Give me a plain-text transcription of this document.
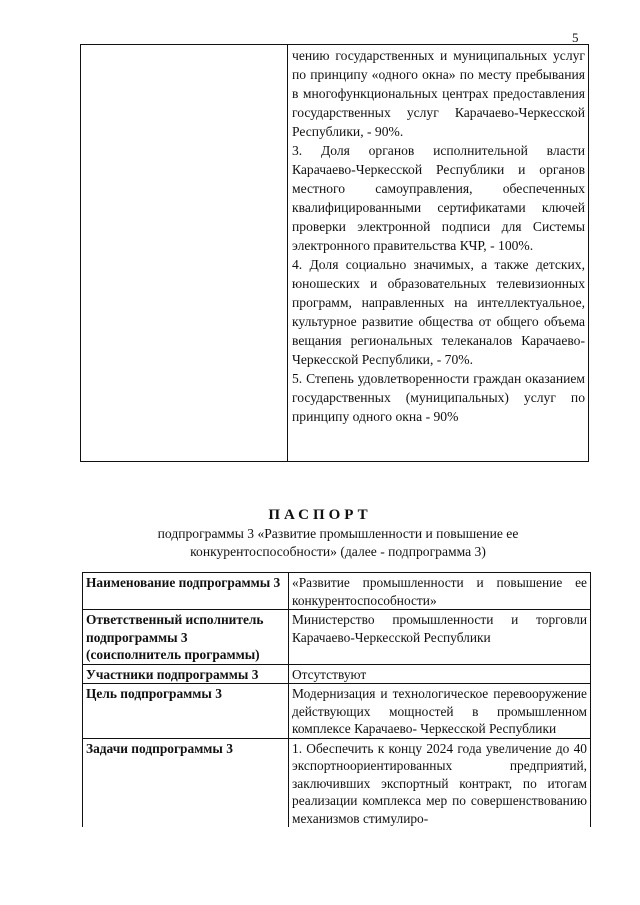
5

чению государственных и муниципальных услуг по принципу «одного окна» по месту пребывания в многофункциональных центрах предоставления государственных услуг Карачаево-Черкесской Республики, - 90%.

3. Доля органов исполнительной власти Карачаево-Черкесской Республики и органов местного самоуправления, обеспеченных квалифицированными сертификатами ключей проверки электронной подписи для Системы электронного правительства КЧР, - 100%.

4. Доля социально значимых, а также детских, юношеских и образовательных телевизионных программ, направленных на интеллектуальное, культурное развитие общества от общего объема вещания региональных телеканалов Карачаево-Черкесской Республики, - 70%.

5. Степень удовлетворенности граждан оказанием государственных (муниципальных) услуг по принципу одного окна - 90%

ПАСПОРТ
подпрограммы 3 «Развитие промышленности и повышение ее конкурентоспособности» (далее - подпрограмма 3)
Наименование подпрограммы 3	«Развитие промышленности и повышение ее конкурентоспособности»
Ответственный исполнитель подпрограммы 3 (соисполнитель программы)	Министерство промышленности и торговли Карачаево-Черкесской Республики
Участники подпрограммы 3	Отсутствуют
Цель подпрограммы 3	Модернизация и технологическое перевооружение действующих мощностей в промышленном комплексе Карачаево- Черкесской Республики
Задачи подпрограммы 3	1. Обеспечить к концу 2024 года увеличение до 40 экспортноориентированных предприятий, заключивших экспортный контракт, по итогам реализации комплекса мер по совершенствованию механизмов стимулиро-
